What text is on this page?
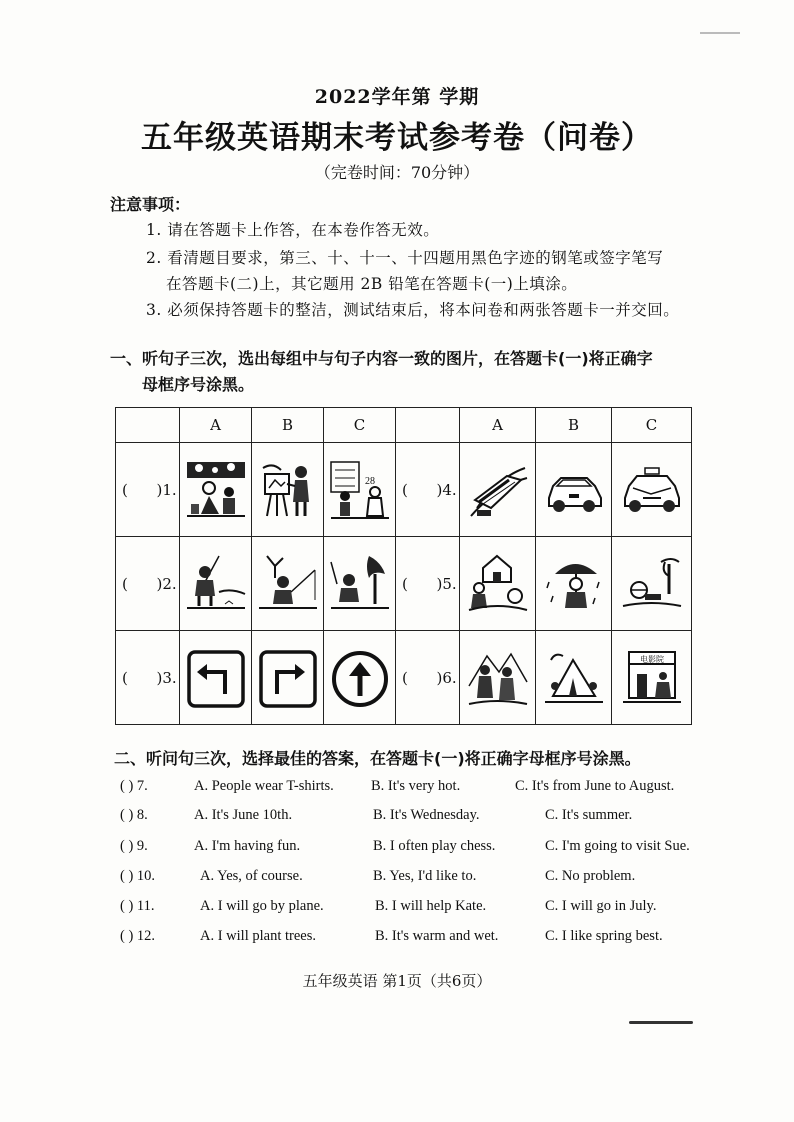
2022学年第 学期
五年级英语期末考试参考卷（问卷）
（完卷时间：70分钟）
注意事项：
1. 请在答题卡上作答，在本卷作答无效。
2. 看清题目要求，第三、十、十一、十四题用黑色字迹的钢笔或签字笔写
在答题卡(二)上，其它题用 2B 铅笔在答题卡(一)上填涂。
3. 必须保持答题卡的整洁，测试结束后，将本问卷和两张答题卡一并交回。
一、听句子三次，选出每组中与句子内容一致的图片，在答题卡(一)将正确字
母框序号涂黑。
	A	B	C		A	B	C
(      )1.			28	(      )4.	

(      )2.				(      )5.	

(      )3.				(      )6.			电影院
二、听问句三次，选择最佳的答案，在答题卡(一)将正确字母框序号涂黑。
( ) 7.	A. People wear T-shirts.	B. It's very hot.	C. It's from June to August.
( ) 8.	A. It's June 10th.	B. It's Wednesday.	C. It's summer.
( ) 9.	A. I'm having fun.	B. I often play chess.	C. I'm going to visit Sue.
( ) 10.	A. Yes, of course.	B. Yes, I'd like to.	C. No problem.
( ) 11.	A. I will go by plane.	B. I will help Kate.	C. I will go in July.
( ) 12.	A. I will plant trees.	B. It's warm and wet.	C. I like spring best.
五年级英语 第1页（共6页）
